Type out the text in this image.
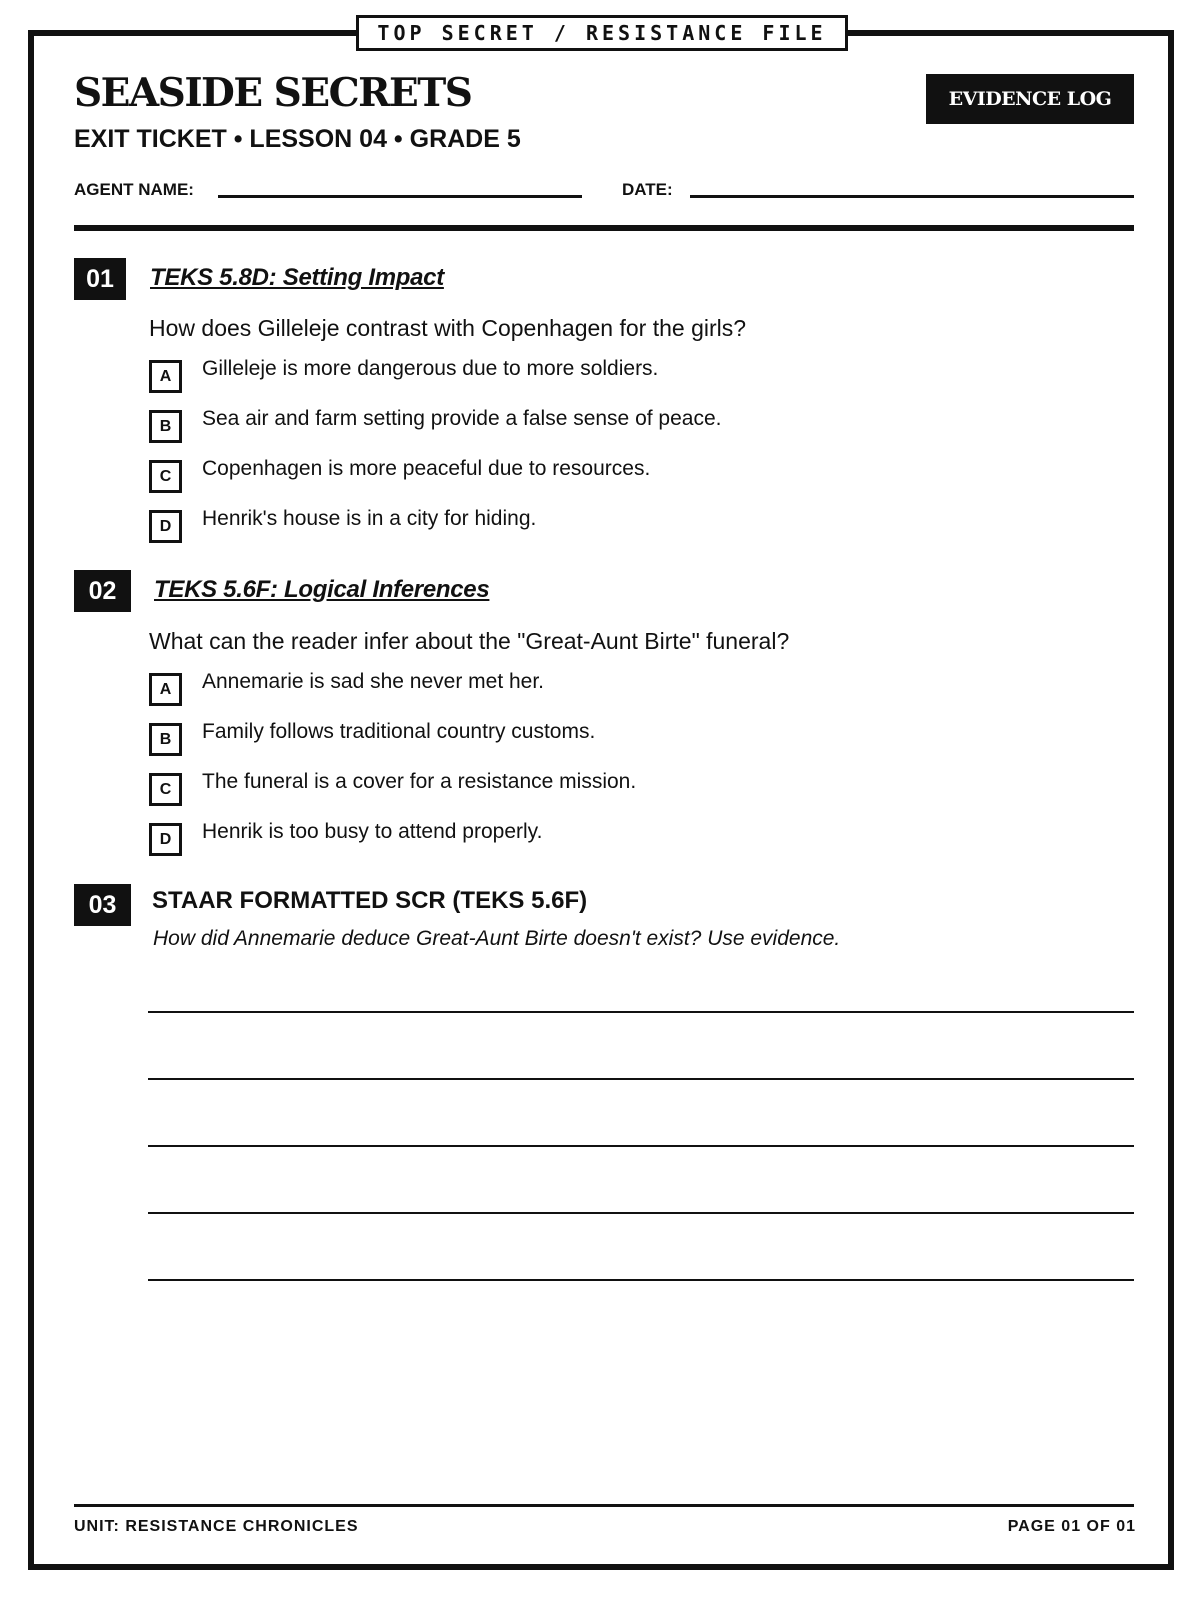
TOP SECRET / RESISTANCE FILE
SEASIDE SECRETS
EXIT TICKET • LESSON 04 • GRADE 5
EVIDENCE LOG
AGENT NAME:	DATE:
01	TEKS 5.8D: Setting Impact
How does Gilleleje contrast with Copenhagen for the girls?
A	Gilleleje is more dangerous due to more soldiers.
B	Sea air and farm setting provide a false sense of peace.
C	Copenhagen is more peaceful due to resources.
D	Henrik's house is in a city for hiding.
02	TEKS 5.6F: Logical Inferences
What can the reader infer about the "Great-Aunt Birte" funeral?
A	Annemarie is sad she never met her.
B	Family follows traditional country customs.
C	The funeral is a cover for a resistance mission.
D	Henrik is too busy to attend properly.
03	STAAR FORMATTED SCR (TEKS 5.6F)
How did Annemarie deduce Great-Aunt Birte doesn't exist? Use evidence.
UNIT: RESISTANCE CHRONICLES	PAGE 01 OF 01
